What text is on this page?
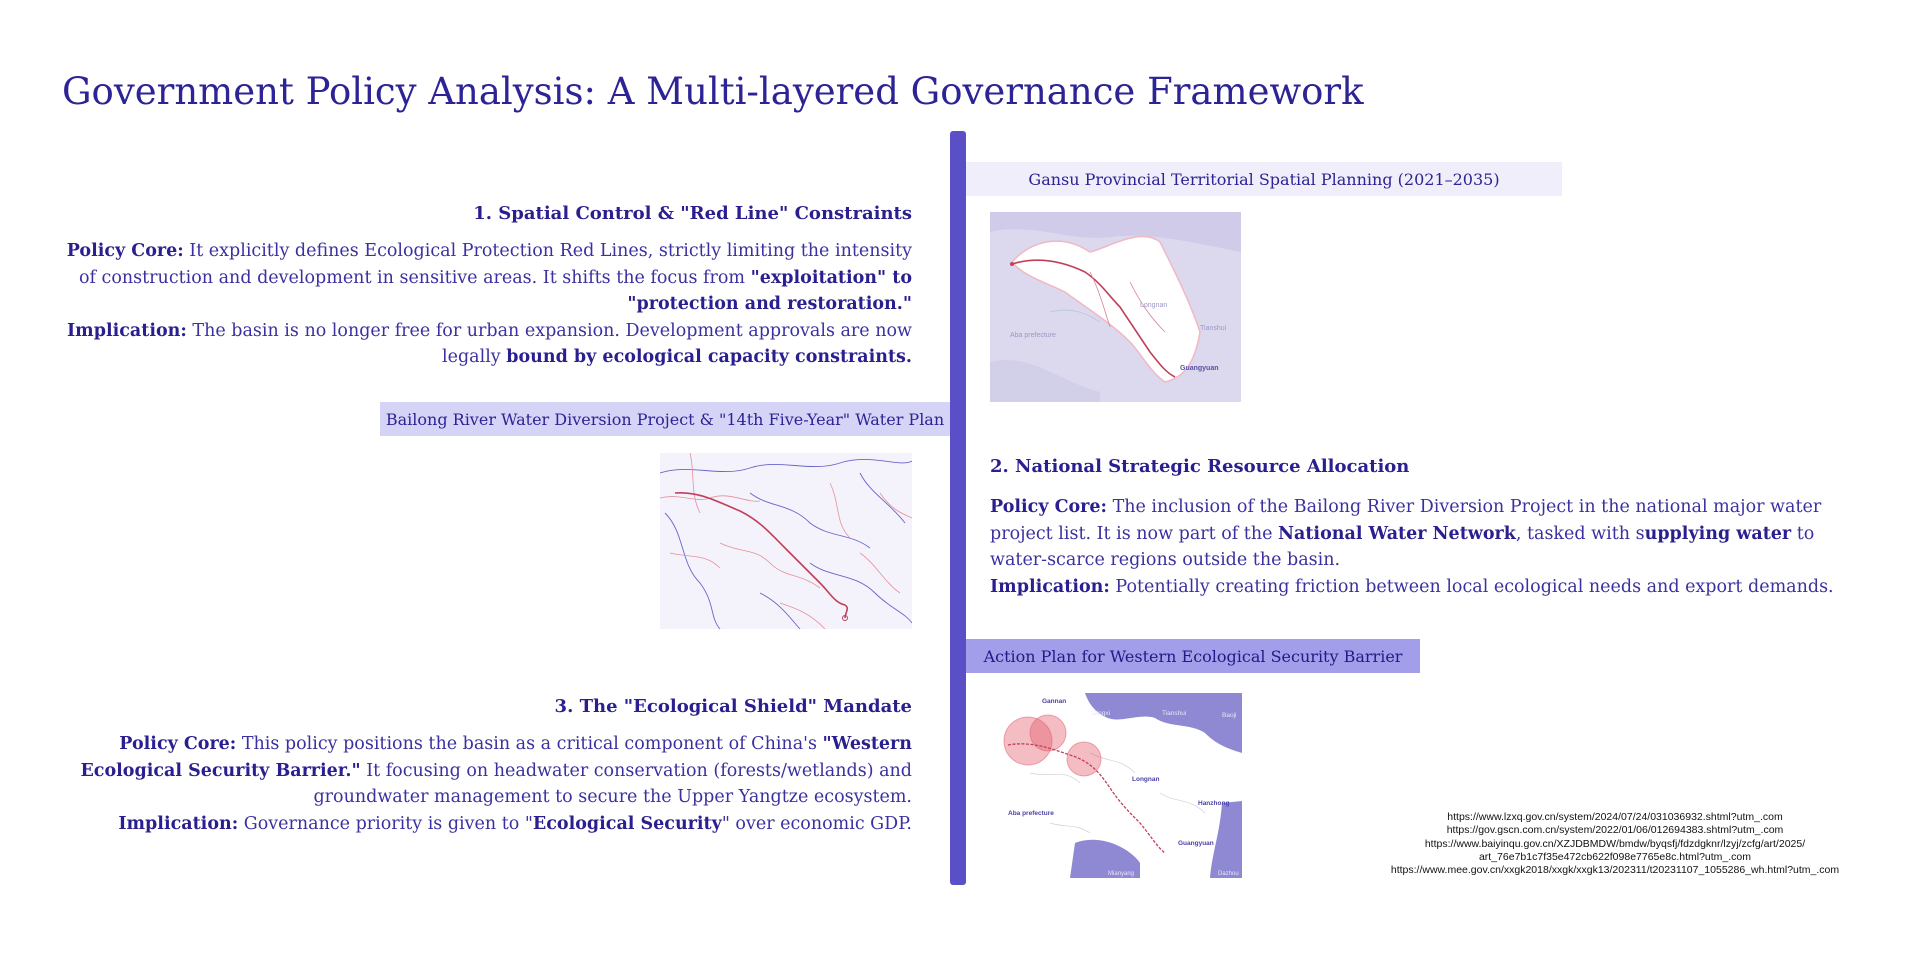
Government Policy Analysis: A Multi-layered Governance Framework
Gansu Provincial Territorial Spatial Planning (2021–2035)
Longnan
Tianshui
Aba prefecture
Guangyuan
1. Spatial Control & "Red Line" Constraints
Policy Core: It explicitly defines Ecological Protection Red Lines, strictly limiting the intensity of construction and development in sensitive areas. It shifts the focus from "exploitation" to "protection and restoration."
Implication: The basin is no longer free for urban expansion. Development approvals are now legally bound by ecological capacity constraints.
Bailong River Water Diversion Project & "14th Five-Year" Water Plan
2. National Strategic Resource Allocation
Policy Core: The inclusion of the Bailong River Diversion Project in the national major water project list. It is now part of the National Water Network, tasked with supplying water to water-scarce regions outside the basin.
Implication: Potentially creating friction between local ecological needs and export demands.
Action Plan for Western Ecological Security Barrier
Gannan
Dingxi	Tianshui	Baoji
Longnan
Hanzhong
Aba prefecture
Guangyuan
Mianyang	Dazhou
3. The "Ecological Shield" Mandate
Policy Core: This policy positions the basin as a critical component of China's "Western Ecological Security Barrier." It focusing on headwater conservation (forests/wetlands) and groundwater management to secure the Upper Yangtze ecosystem.
Implication: Governance priority is given to "Ecological Security" over economic GDP.	https://www.lzxq.gov.cn/system/2024/07/24/031036932.shtml?utm_.com
https://gov.gscn.com.cn/system/2022/01/06/012694383.shtml?utm_.com
https://www.baiyinqu.gov.cn/XZJDBMDW/bmdw/byqsfj/fdzdgknr/lzyj/zcfg/art/2025/
art_76e7b1c7f35e472cb622f098e7765e8c.html?utm_.com
https://www.mee.gov.cn/xxgk2018/xxgk/xxgk13/202311/t20231107_1055286_wh.html?utm_.com
